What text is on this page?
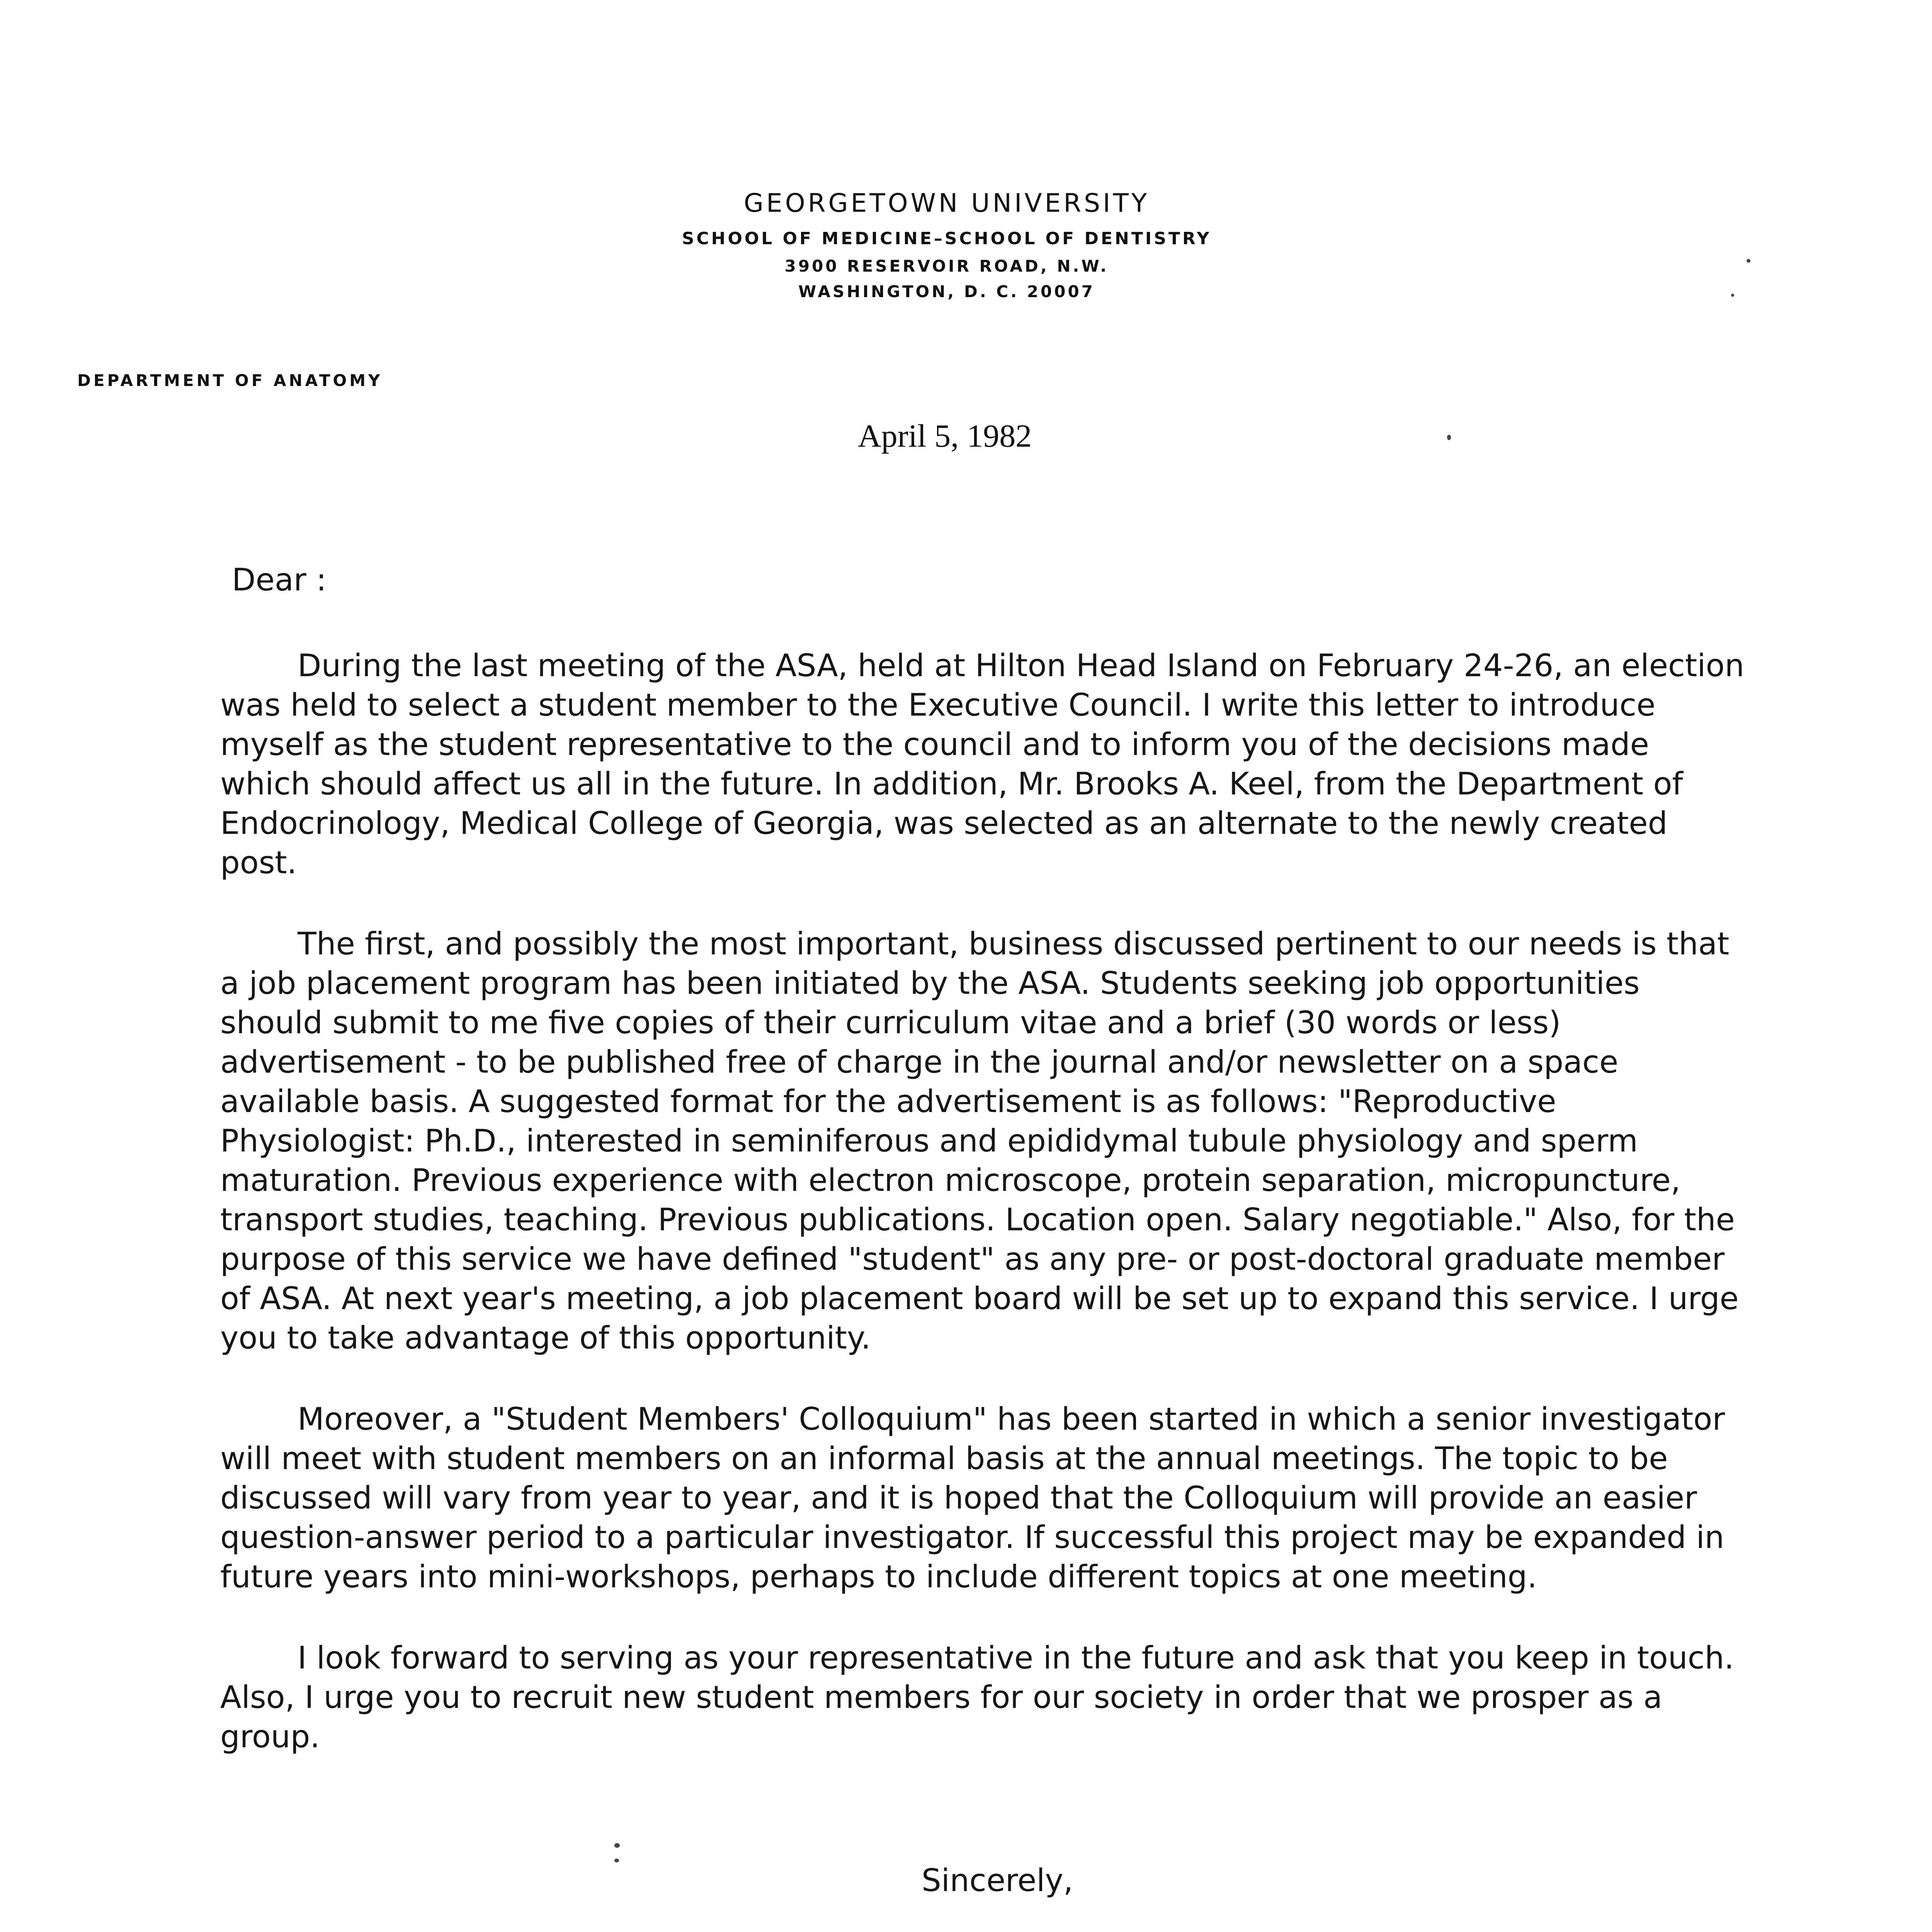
GEORGETOWN UNIVERSITY
SCHOOL OF MEDICINE–SCHOOL OF DENTISTRY
3900 RESERVOIR ROAD, N.W.
WASHINGTON, D. C. 20007
DEPARTMENT OF ANATOMY
April 5, 1982
Dear :

During the last meeting of the ASA, held at Hilton Head Island on February 24-26, an election was held to select a student member to the Executive Council. I write this letter to introduce myself as the student representative to the council and to inform you of the decisions made which should affect us all in the future. In addition, Mr. Brooks A. Keel, from the Department of Endocrinology, Medical College of Georgia, was selected as an alternate to the newly created post.

The first, and possibly the most important, business discussed pertinent to our needs is that a job placement program has been initiated by the ASA. Students seeking job opportunities should submit to me five copies of their curriculum vitae and a brief (30 words or less) advertisement - to be published free of charge in the journal and/or newsletter on a space available basis. A suggested format for the advertisement is as follows: "Reproductive Physiologist: Ph.D., interested in seminiferous and epididymal tubule physiology and sperm maturation. Previous experience with electron microscope, protein separation, micropuncture, transport studies, teaching. Previous publications. Location open. Salary negotiable." Also, for the purpose of this service we have defined "student" as any pre- or post-doctoral graduate member of ASA. At next year's meeting, a job placement board will be set up to expand this service. I urge you to take advantage of this opportunity.

Moreover, a "Student Members' Colloquium" has been started in which a senior investigator will meet with student members on an informal basis at the annual meetings. The topic to be discussed will vary from year to year, and it is hoped that the Colloquium will provide an easier question-answer period to a particular investigator. If successful this project may be expanded in future years into mini-workshops, perhaps to include different topics at one meeting.

I look forward to serving as your representative in the future and ask that you keep in touch. Also, I urge you to recruit new student members for our society in order that we prosper as a group.

Sincerely,
